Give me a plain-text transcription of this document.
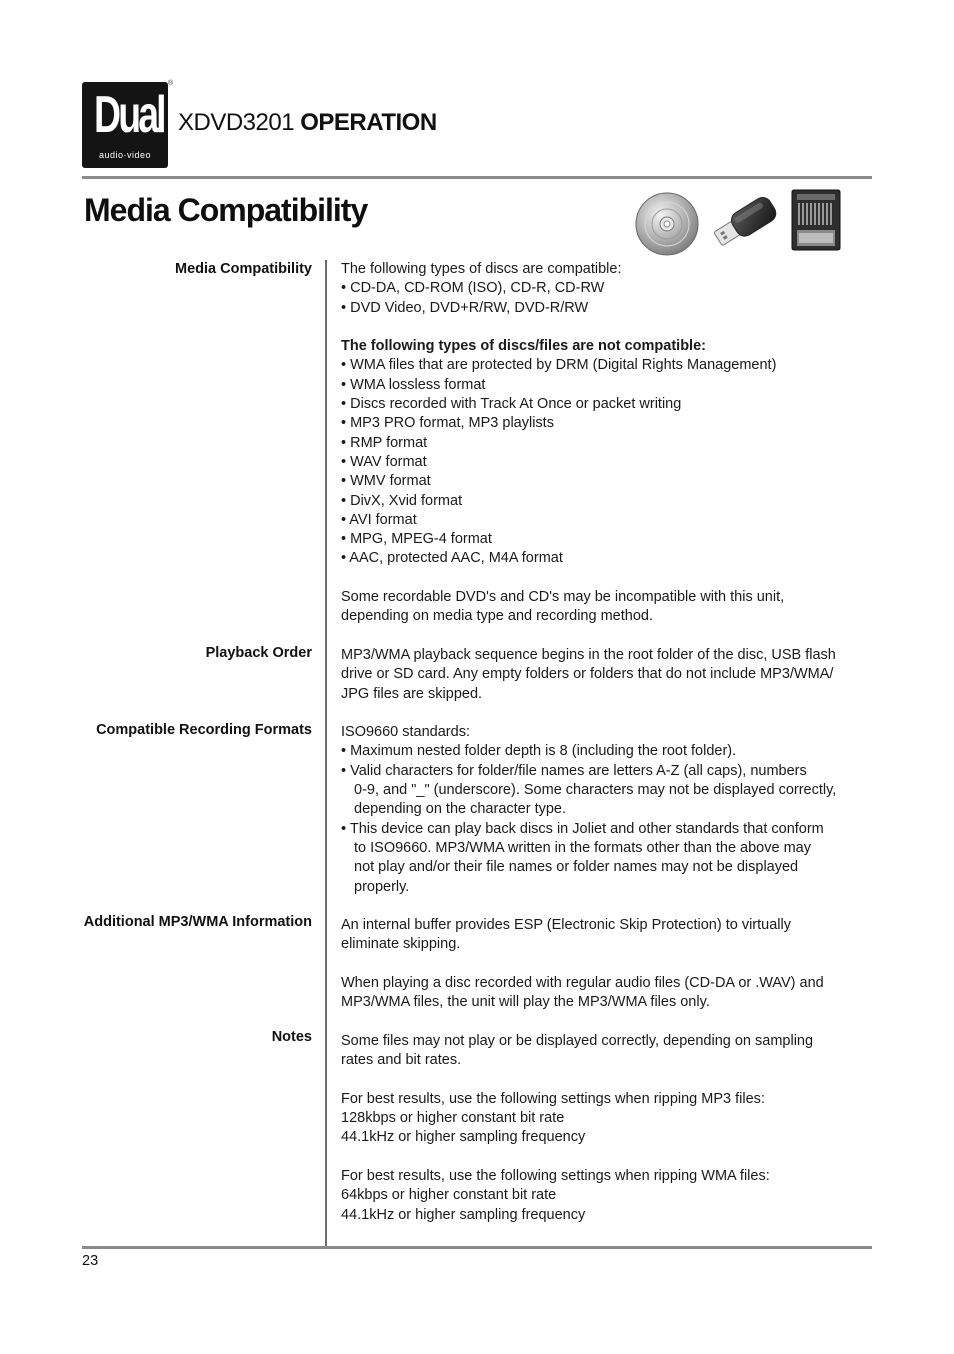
Dual
audio·video
®
XDVD3201 OPERATION
Media Compatibility
Media Compatibility
Playback Order
Compatible Recording Formats
Additional MP3/WMA Information
Notes

The following types of discs are compatible:

• CD-DA, CD-ROM (ISO), CD-R, CD-RW

• DVD Video, DVD+R/RW, DVD-R/RW

The following types of discs/files are not compatible:

• WMA files that are protected by DRM (Digital Rights Management)

• WMA lossless format

• Discs recorded with Track At Once or packet writing

• MP3 PRO format, MP3 playlists

• RMP format

• WAV format

• WMV format

• DivX, Xvid format

• AVI format

• MPG, MPEG-4 format

• AAC, protected AAC, M4A format

Some recordable DVD's and CD's may be incompatible with this unit,

depending on media type and recording method.

MP3/WMA playback sequence begins in the root folder of the disc, USB flash

drive or SD card. Any empty folders or folders that do not include MP3/WMA/

JPG files are skipped.

ISO9660 standards:

• Maximum nested folder depth is 8 (including the root folder).

• Valid characters for folder/file names are letters A-Z (all caps), numbers

0-9, and "_" (underscore). Some characters may not be displayed correctly,

depending on the character type.

• This device can play back discs in Joliet and other standards that conform

to ISO9660. MP3/WMA written in the formats other than the above may

not play and/or their file names or folder names may not be displayed

properly.

An internal buffer provides ESP (Electronic Skip Protection) to virtually

eliminate skipping.

When playing a disc recorded with regular audio files (CD-DA or .WAV) and

MP3/WMA files, the unit will play the MP3/WMA files only.

Some files may not play or be displayed correctly, depending on sampling

rates and bit rates.

For best results, use the following settings when ripping MP3 files:

128kbps or higher constant bit rate

44.1kHz or higher sampling frequency

For best results, use the following settings when ripping WMA files:

64kbps or higher constant bit rate

44.1kHz or higher sampling frequency

23
